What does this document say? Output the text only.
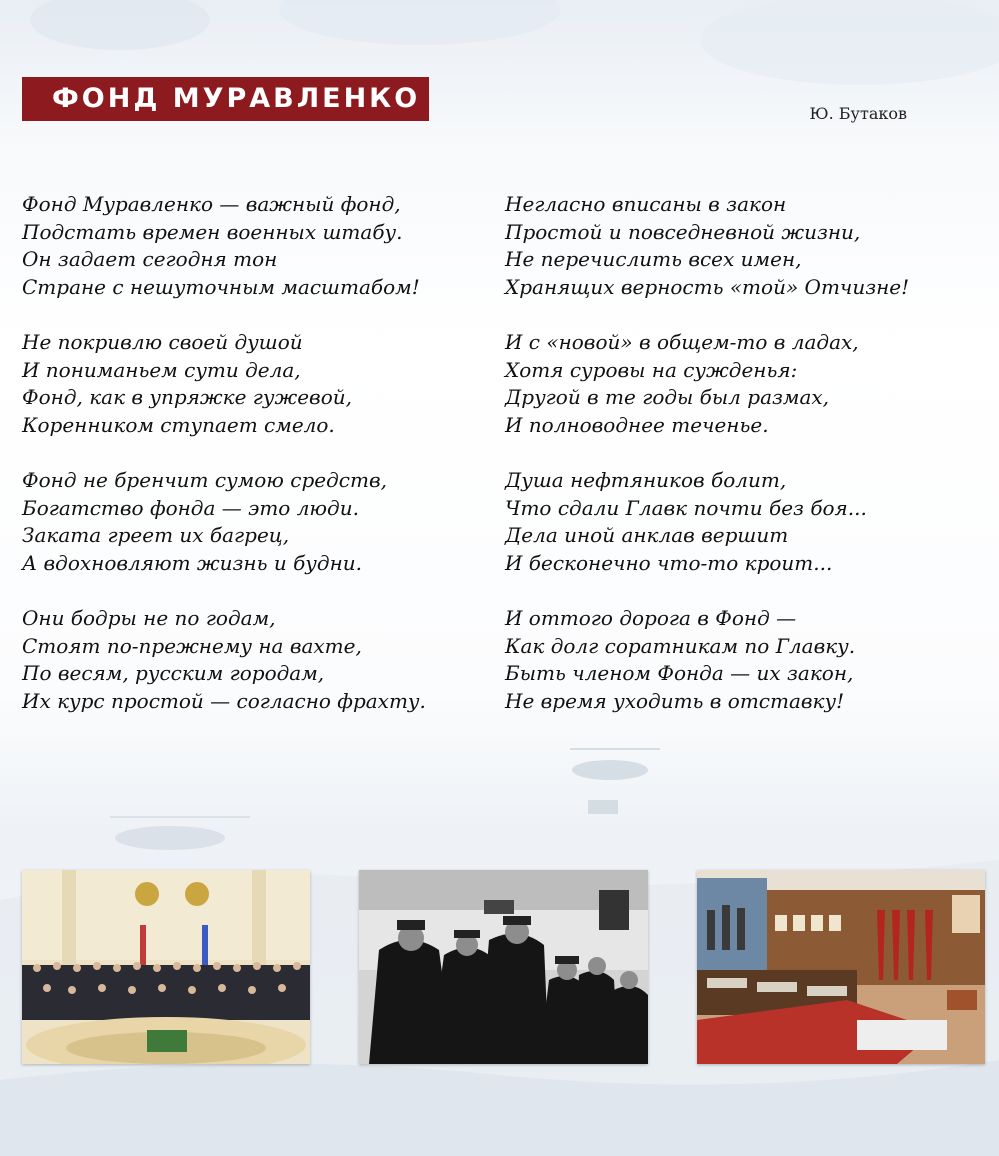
ФОНД МУРАВЛЕНКО	Ю. Бутаков
Фонд Муравленко — важный фонд,
Подстать времен военных штабу.
Он задает сегодня тон
Стране с нешуточным масштабом!
Не покривлю своей душой
И пониманьем сути дела,
Фонд, как в упряжке гужевой,
Коренником ступает смело.
Фонд не бренчит сумою средств,
Богатство фонда — это люди.
Заката греет их багрец,
А вдохновляют жизнь и будни.
Они бодры не по годам,
Стоят по-прежнему на вахте,
По весям, русским городам,
Их курс простой — согласно фрахту.
Негласно вписаны в закон
Простой и повседневной жизни,
Не перечислить всех имен,
Хранящих верность «той» Отчизне!
И с «новой» в общем-то в ладах,
Хотя суровы на сужденья:
Другой в те годы был размах,
И полноводнее теченье.
Душа нефтяников болит,
Что сдали Главк почти без боя...
Дела иной анклав вершит
И бесконечно что-то кроит...
И оттого дорога в Фонд —
Как долг соратникам по Главку.
Быть членом Фонда — их закон,
Не время уходить в отставку!
